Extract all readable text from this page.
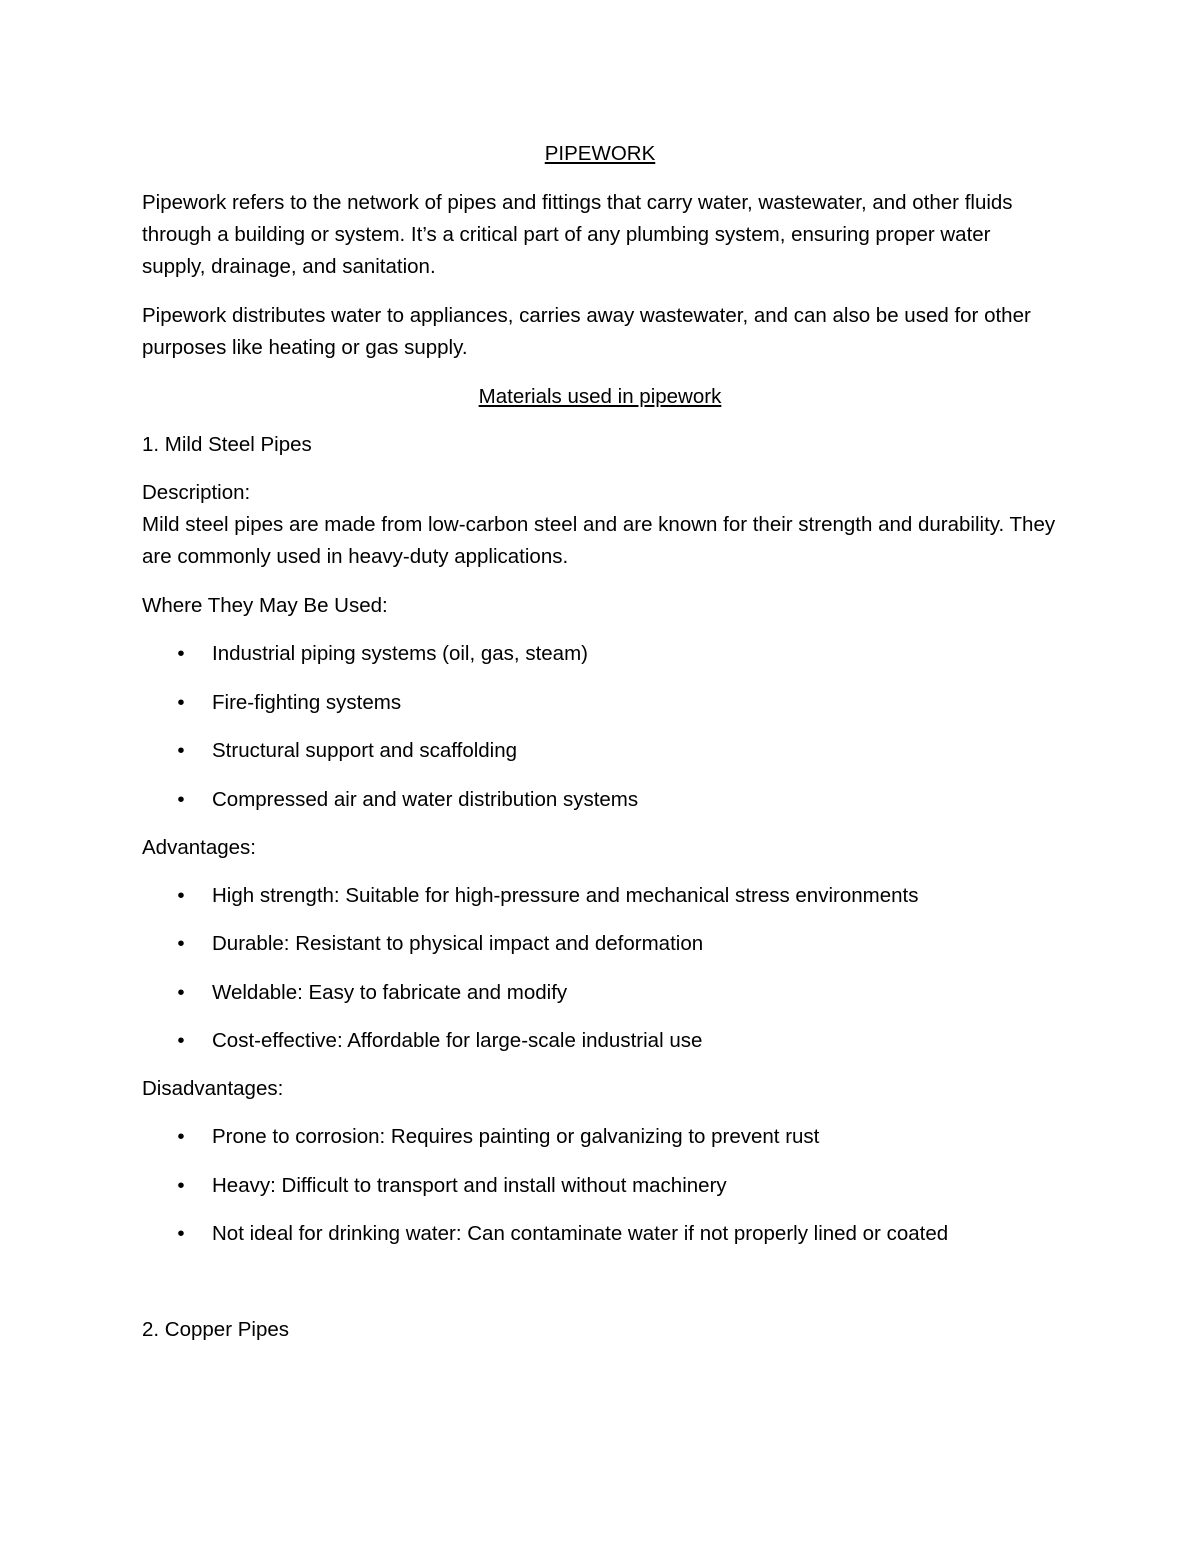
PIPEWORK

Pipework refers to the network of pipes and fittings that carry water, wastewater, and other fluids through a building or system. It’s a critical part of any plumbing system, ensuring proper water supply, drainage, and sanitation.

Pipework distributes water to appliances, carries away wastewater, and can also be used for other purposes like heating or gas supply.

Materials used in pipework
1. Mild Steel Pipes
Description:

Mild steel pipes are made from low-carbon steel and are known for their strength and durability. They are commonly used in heavy-duty applications.

Where They May Be Used:
• Industrial piping systems (oil, gas, steam)
• Fire-fighting systems
• Structural support and scaffolding
• Compressed air and water distribution systems
Advantages:
• High strength: Suitable for high-pressure and mechanical stress environments
• Durable: Resistant to physical impact and deformation
• Weldable: Easy to fabricate and modify
• Cost-effective: Affordable for large-scale industrial use
Disadvantages:
• Prone to corrosion: Requires painting or galvanizing to prevent rust
• Heavy: Difficult to transport and install without machinery
• Not ideal for drinking water: Can contaminate water if not properly lined or coated
2. Copper Pipes
